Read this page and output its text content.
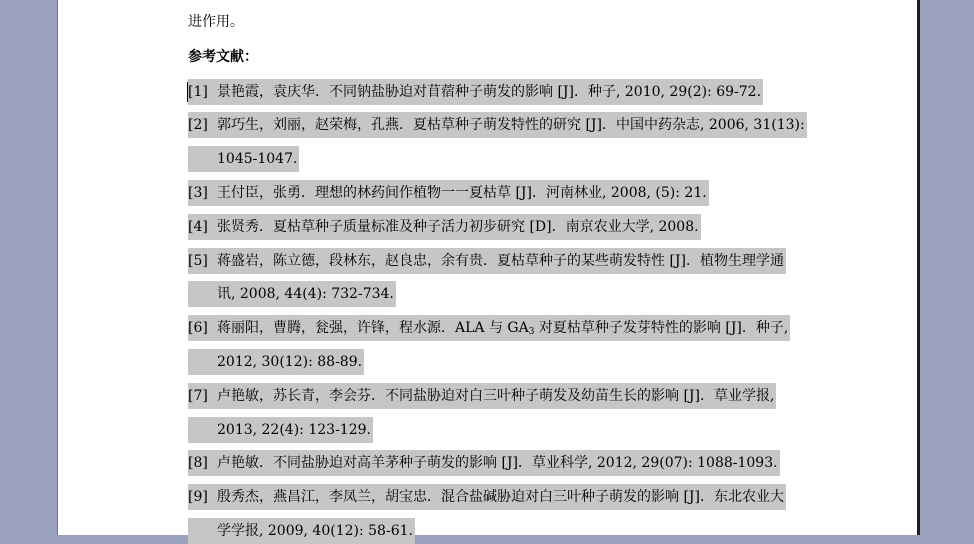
进作用。
参考文献：
[1] 景艳霞，袁庆华．不同钠盐胁迫对苜蓿种子萌发的影响 [J]．种子, 2010, 29(2): 69-72.
[2] 郭巧生，刘丽，赵荣梅，孔燕．夏枯草种子萌发特性的研究 [J]．中国中药杂志, 2006, 31(13):
1045-1047.
[3] 王付臣，张勇．理想的林药间作植物一一夏枯草 [J]．河南林业, 2008, (5): 21.
[4] 张贤秀．夏枯草种子质量标准及种子活力初步研究 [D]．南京农业大学, 2008.
[5] 蒋盛岩，陈立德，段林东，赵良忠，余有贵．夏枯草种子的某些萌发特性 [J]．植物生理学通
讯, 2008, 44(4): 732-734.
[6] 蒋丽阳，曹腾，瓮强，许锋，程水源．ALA 与 $GA_3$ 对夏枯草种子发芽特性的影响 [J]．种子,
2012, 30(12): 88-89.
[7] 卢艳敏，苏长青，李会芬．不同盐胁迫对白三叶种子萌发及幼苗生长的影响 [J]．草业学报,
2013, 22(4): 123-129.
[8] 卢艳敏．不同盐胁迫对高羊茅种子萌发的影响 [J]．草业科学, 2012, 29(07): 1088-1093.
[9] 殷秀杰，燕昌江，李凤兰，胡宝忠．混合盐碱胁迫对白三叶种子萌发的影响 [J]．东北农业大
学学报, 2009, 40(12): 58-61.
